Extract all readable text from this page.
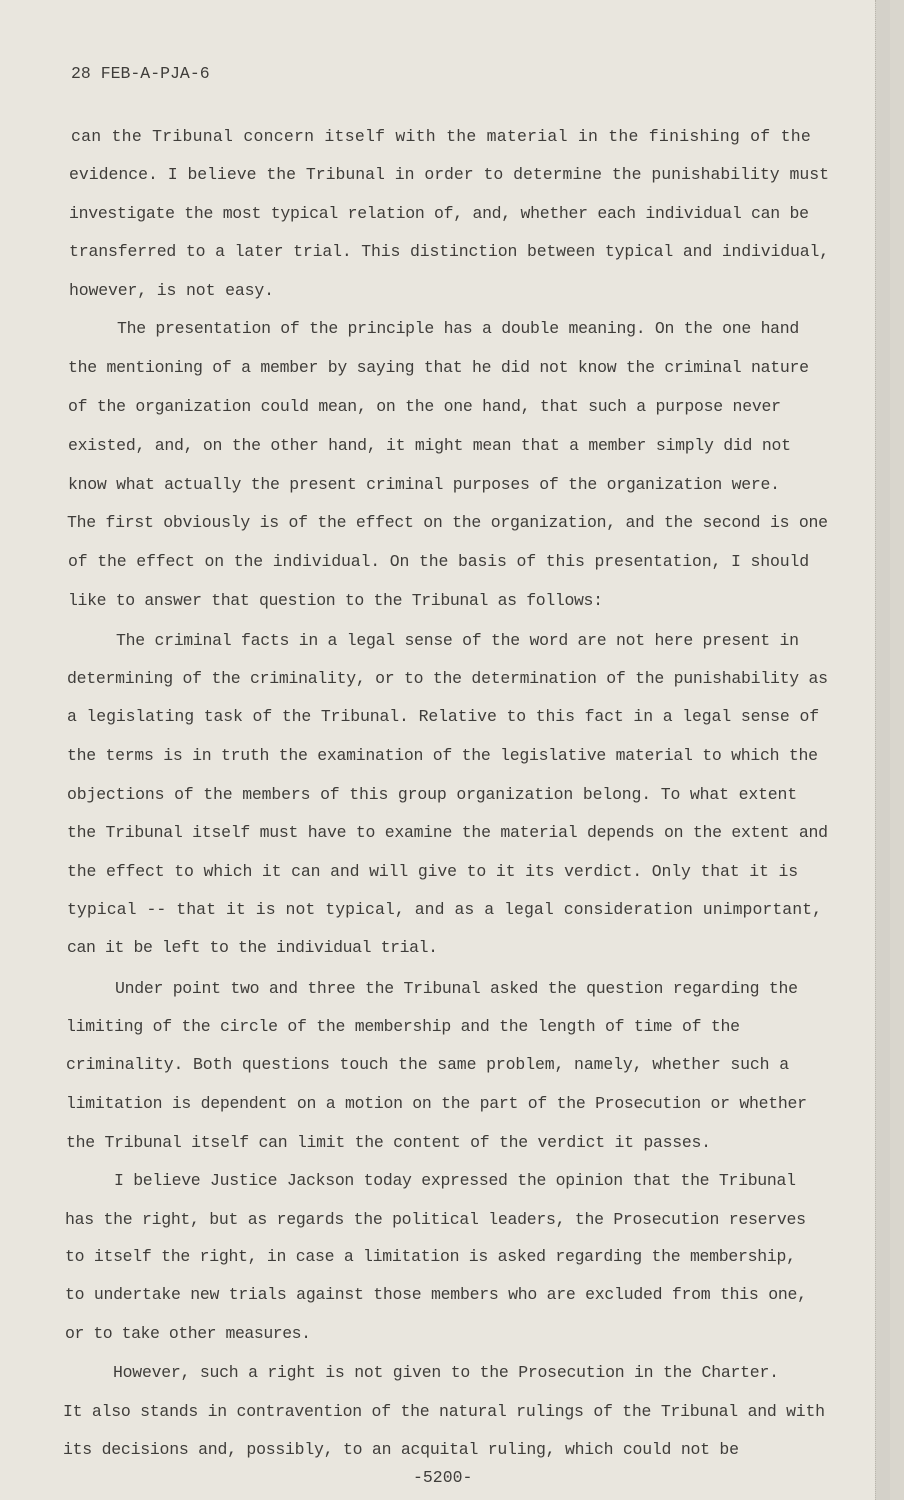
28 FEB-A-PJA-6
can the Tribunal concern itself with the material in the finishing of the
evidence. I believe the Tribunal in order to determine the punishability must
investigate the most typical relation of, and, whether each individual can be
transferred to a later trial. This distinction between typical and individual,
however, is not easy.
The presentation of the principle has a double meaning. On the one hand
the mentioning of a member by saying that he did not know the criminal nature
of the organization could mean, on the one hand, that such a purpose never
existed, and, on the other hand, it might mean that a member simply did not
know what actually the present criminal purposes of the organization were.
The first obviously is of the effect on the organization, and the second is one
of the effect on the individual. On the basis of this presentation, I should
like to answer that question to the Tribunal as follows:
The criminal facts in a legal sense of the word are not here present in
determining of the criminality, or to the determination of the punishability as
a legislating task of the Tribunal. Relative to this fact in a legal sense of
the terms is in truth the examination of the legislative material to which the
objections of the members of this group organization belong. To what extent
the Tribunal itself must have to examine the material depends on the extent and
the effect to which it can and will give to it its verdict. Only that it is
typical -- that it is not typical, and as a legal consideration unimportant,
can it be left to the individual trial.
Under point two and three the Tribunal asked the question regarding the
limiting of the circle of the membership and the length of time of the
criminality. Both questions touch the same problem, namely, whether such a
limitation is dependent on a motion on the part of the Prosecution or whether
the Tribunal itself can limit the content of the verdict it passes.
I believe Justice Jackson today expressed the opinion that the Tribunal
has the right, but as regards the political leaders, the Prosecution reserves
to itself the right, in case a limitation is asked regarding the membership,
to undertake new trials against those members who are excluded from this one,
or to take other measures.
However, such a right is not given to the Prosecution in the Charter.
It also stands in contravention of the natural rulings of the Tribunal and with
its decisions and, possibly, to an acquital ruling, which could not be
-5200-
